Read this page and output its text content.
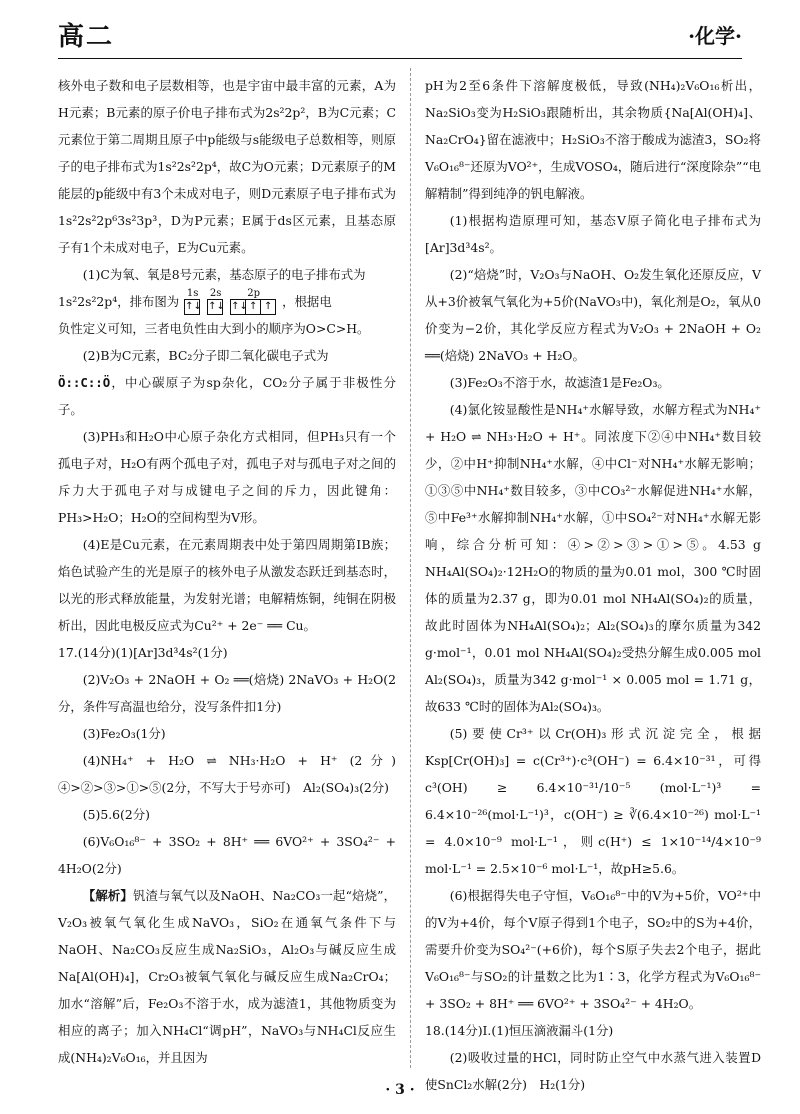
高二	·化学·

核外电子数和电子层数相等，也是宇宙中最丰富的元素，A为H元素；B元素的原子价电子排布式为2s²2p²，B为C元素；C元素位于第二周期且原子中p能级与s能级电子总数相等，则原子的电子排布式为1s²2s²2p⁴，故C为O元素；D元素原子的M能层的p能级中有3个未成对电子，则D元素原子电子排布式为1s²2s²2p⁶3s²3p³，D为P元素；E属于ds区元素，且基态原子有1个未成对电子，E为Cu元素。

(1)C为氧、氧是8号元素，基态原子的电子排布式为

1s²2s²2p⁴，排布图为
1s
↑↓
2s
↑↓
2p
↑↓ ↑ ↑ ，根据电

负性定义可知，三者电负性由大到小的顺序为O>C>H。

(2)B为C元素，BC₂分子即二氧化碳电子式为

Ö::C::Ö，中心碳原子为sp杂化，CO₂分子属于非极性分子。

(3)PH₃和H₂O中心原子杂化方式相同，但PH₃只有一个孤电子对，H₂O有两个孤电子对，孤电子对与孤电子对之间的斥力大于孤电子对与成键电子之间的斥力，因此键角：PH₃>H₂O；H₂O的空间构型为V形。

(4)E是Cu元素，在元素周期表中处于第四周期第ⅠB族；焰色试验产生的光是原子的核外电子从激发态跃迁到基态时，以光的形式释放能量，为发射光谱；电解精炼铜，纯铜在阴极析出，因此电极反应式为Cu²⁺ + 2e⁻ ══ Cu。

17.(14分)(1)[Ar]3d³4s²(1分)

(2)V₂O₃ + 2NaOH + O₂ ══(焙烧) 2NaVO₃ + H₂O(2分，条件写高温也给分，没写条件扣1分)

(3)Fe₂O₃(1分)

(4)NH₄⁺ + H₂O ⇌ NH₃·H₂O + H⁺ (2分)　④>②>③>①>⑤(2分，不写大于号亦可)　Al₂(SO₄)₃(2分)

(5)5.6(2分)

(6)V₆O₁₆⁸⁻ + 3SO₂ + 8H⁺ ══ 6VO²⁺ + 3SO₄²⁻ + 4H₂O(2分)

【解析】钒渣与氧气以及NaOH、Na₂CO₃一起“焙烧”，V₂O₃被氧气氧化生成NaVO₃，SiO₂在通氧气条件下与NaOH、Na₂CO₃反应生成Na₂SiO₃，Al₂O₃与碱反应生成Na[Al(OH)₄]，Cr₂O₃被氧气氧化与碱反应生成Na₂CrO₄；加水“溶解”后，Fe₂O₃不溶于水，成为滤渣1，其他物质变为相应的离子；加入NH₄Cl“调pH”，NaVO₃与NH₄Cl反应生成(NH₄)₂V₆O₁₆，并且因为

pH为2至6条件下溶解度极低，导致(NH₄)₂V₆O₁₆析出，Na₂SiO₃变为H₂SiO₃跟随析出，其余物质{Na[Al(OH)₄]、Na₂CrO₄}留在滤液中；H₂SiO₃不溶于酸成为滤渣3，SO₂将V₆O₁₆⁸⁻还原为VO²⁺，生成VOSO₄，随后进行“深度除杂”“电解精制”得到纯净的钒电解液。

(1)根据构造原理可知，基态V原子简化电子排布式为[Ar]3d³4s²。

(2)“焙烧”时，V₂O₃与NaOH、O₂发生氧化还原反应，V从+3价被氧气氧化为+5价(NaVO₃中)，氧化剂是O₂，氧从0价变为−2价，其化学反应方程式为V₂O₃ + 2NaOH + O₂ ══(焙烧) 2NaVO₃ + H₂O。

(3)Fe₂O₃不溶于水，故滤渣1是Fe₂O₃。

(4)氯化铵显酸性是NH₄⁺水解导致，水解方程式为NH₄⁺ + H₂O ⇌ NH₃·H₂O + H⁺。同浓度下②④中NH₄⁺数目较少，②中H⁺抑制NH₄⁺水解，④中Cl⁻对NH₄⁺水解无影响；①③⑤中NH₄⁺数目较多，③中CO₃²⁻水解促进NH₄⁺水解，⑤中Fe³⁺水解抑制NH₄⁺水解，①中SO₄²⁻对NH₄⁺水解无影响，综合分析可知：④>②>③>①>⑤。4.53 g NH₄Al(SO₄)₂·12H₂O的物质的量为0.01 mol，300 ℃时固体的质量为2.37 g，即为0.01 mol NH₄Al(SO₄)₂的质量，故此时固体为NH₄Al(SO₄)₂；Al₂(SO₄)₃的摩尔质量为342 g·mol⁻¹，0.01 mol NH₄Al(SO₄)₂受热分解生成0.005 mol Al₂(SO₄)₃，质量为342 g·mol⁻¹ × 0.005 mol = 1.71 g，故633 ℃时的固体为Al₂(SO₄)₃。

(5)要使Cr³⁺以Cr(OH)₃形式沉淀完全，根据Ksp[Cr(OH)₃] = c(Cr³⁺)·c³(OH⁻) = 6.4×10⁻³¹，可得c³(OH) ≥ 6.4×10⁻³¹/10⁻⁵ (mol·L⁻¹)³ = 6.4×10⁻²⁶(mol·L⁻¹)³，c(OH⁻) ≥ ∛(6.4×10⁻²⁶) mol·L⁻¹ = 4.0×10⁻⁹ mol·L⁻¹，则c(H⁺) ≤ 1×10⁻¹⁴/4×10⁻⁹ mol·L⁻¹ = 2.5×10⁻⁶ mol·L⁻¹，故pH≥5.6。

(6)根据得失电子守恒，V₆O₁₆⁸⁻中的V为+5价，VO²⁺中的V为+4价，每个V原子得到1个电子，SO₂中的S为+4价，需要升价变为SO₄²⁻(+6价)，每个S原子失去2个电子，据此V₆O₁₆⁸⁻与SO₂的计量数之比为1∶3，化学方程式为V₆O₁₆⁸⁻ + 3SO₂ + 8H⁺ ══ 6VO²⁺ + 3SO₄²⁻ + 4H₂O。

18.(14分)Ⅰ.(1)恒压滴液漏斗(1分)

(2)吸收过量的HCl，同时防止空气中水蒸气进入装置D使SnCl₂水解(2分)　H₂(1分)

· 3 ·
